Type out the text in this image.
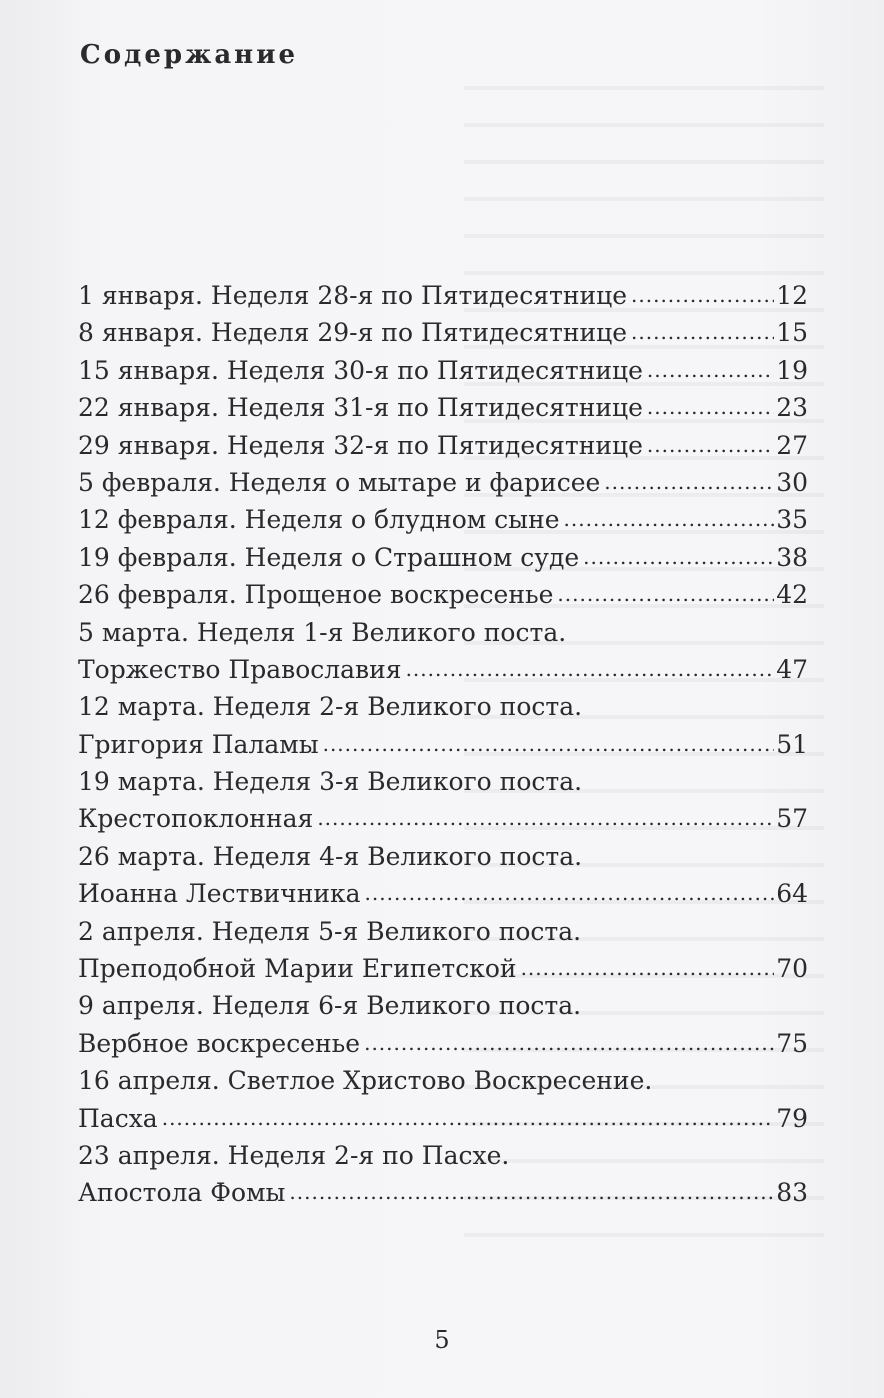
Содержание
1 января. Неделя 28-я по Пятидесятнице .....	12
8 января. Неделя 29-я по Пятидесятнице .....	15
15 января. Неделя 30-я по Пятидесятнице .....	19
22 января. Неделя 31-я по Пятидесятнице .....	23
29 января. Неделя 32-я по Пятидесятнице .....	27
5 февраля. Неделя о мытаре и фарисее .....	30
12 февраля. Неделя о блудном сыне .....	35
19 февраля. Неделя о Страшном суде .....	38
26 февраля. Прощеное воскресенье .....	42
5 марта. Неделя 1-я Великого поста.
Торжество Православия .....	47
12 марта. Неделя 2-я Великого поста.
Григория Паламы .....	51
19 марта. Неделя 3-я Великого поста.
Крестопоклонная .....	57
26 марта. Неделя 4-я Великого поста.
Иоанна Лествичника .....	64
2 апреля. Неделя 5-я Великого поста.
Преподобной Марии Египетской .....	70
9 апреля. Неделя 6-я Великого поста.
Вербное воскресенье .....	75
16 апреля. Светлое Христово Воскресение.
Пасха .....	79
23 апреля. Неделя 2-я по Пасхе.
Апостола Фомы .....	83
5
